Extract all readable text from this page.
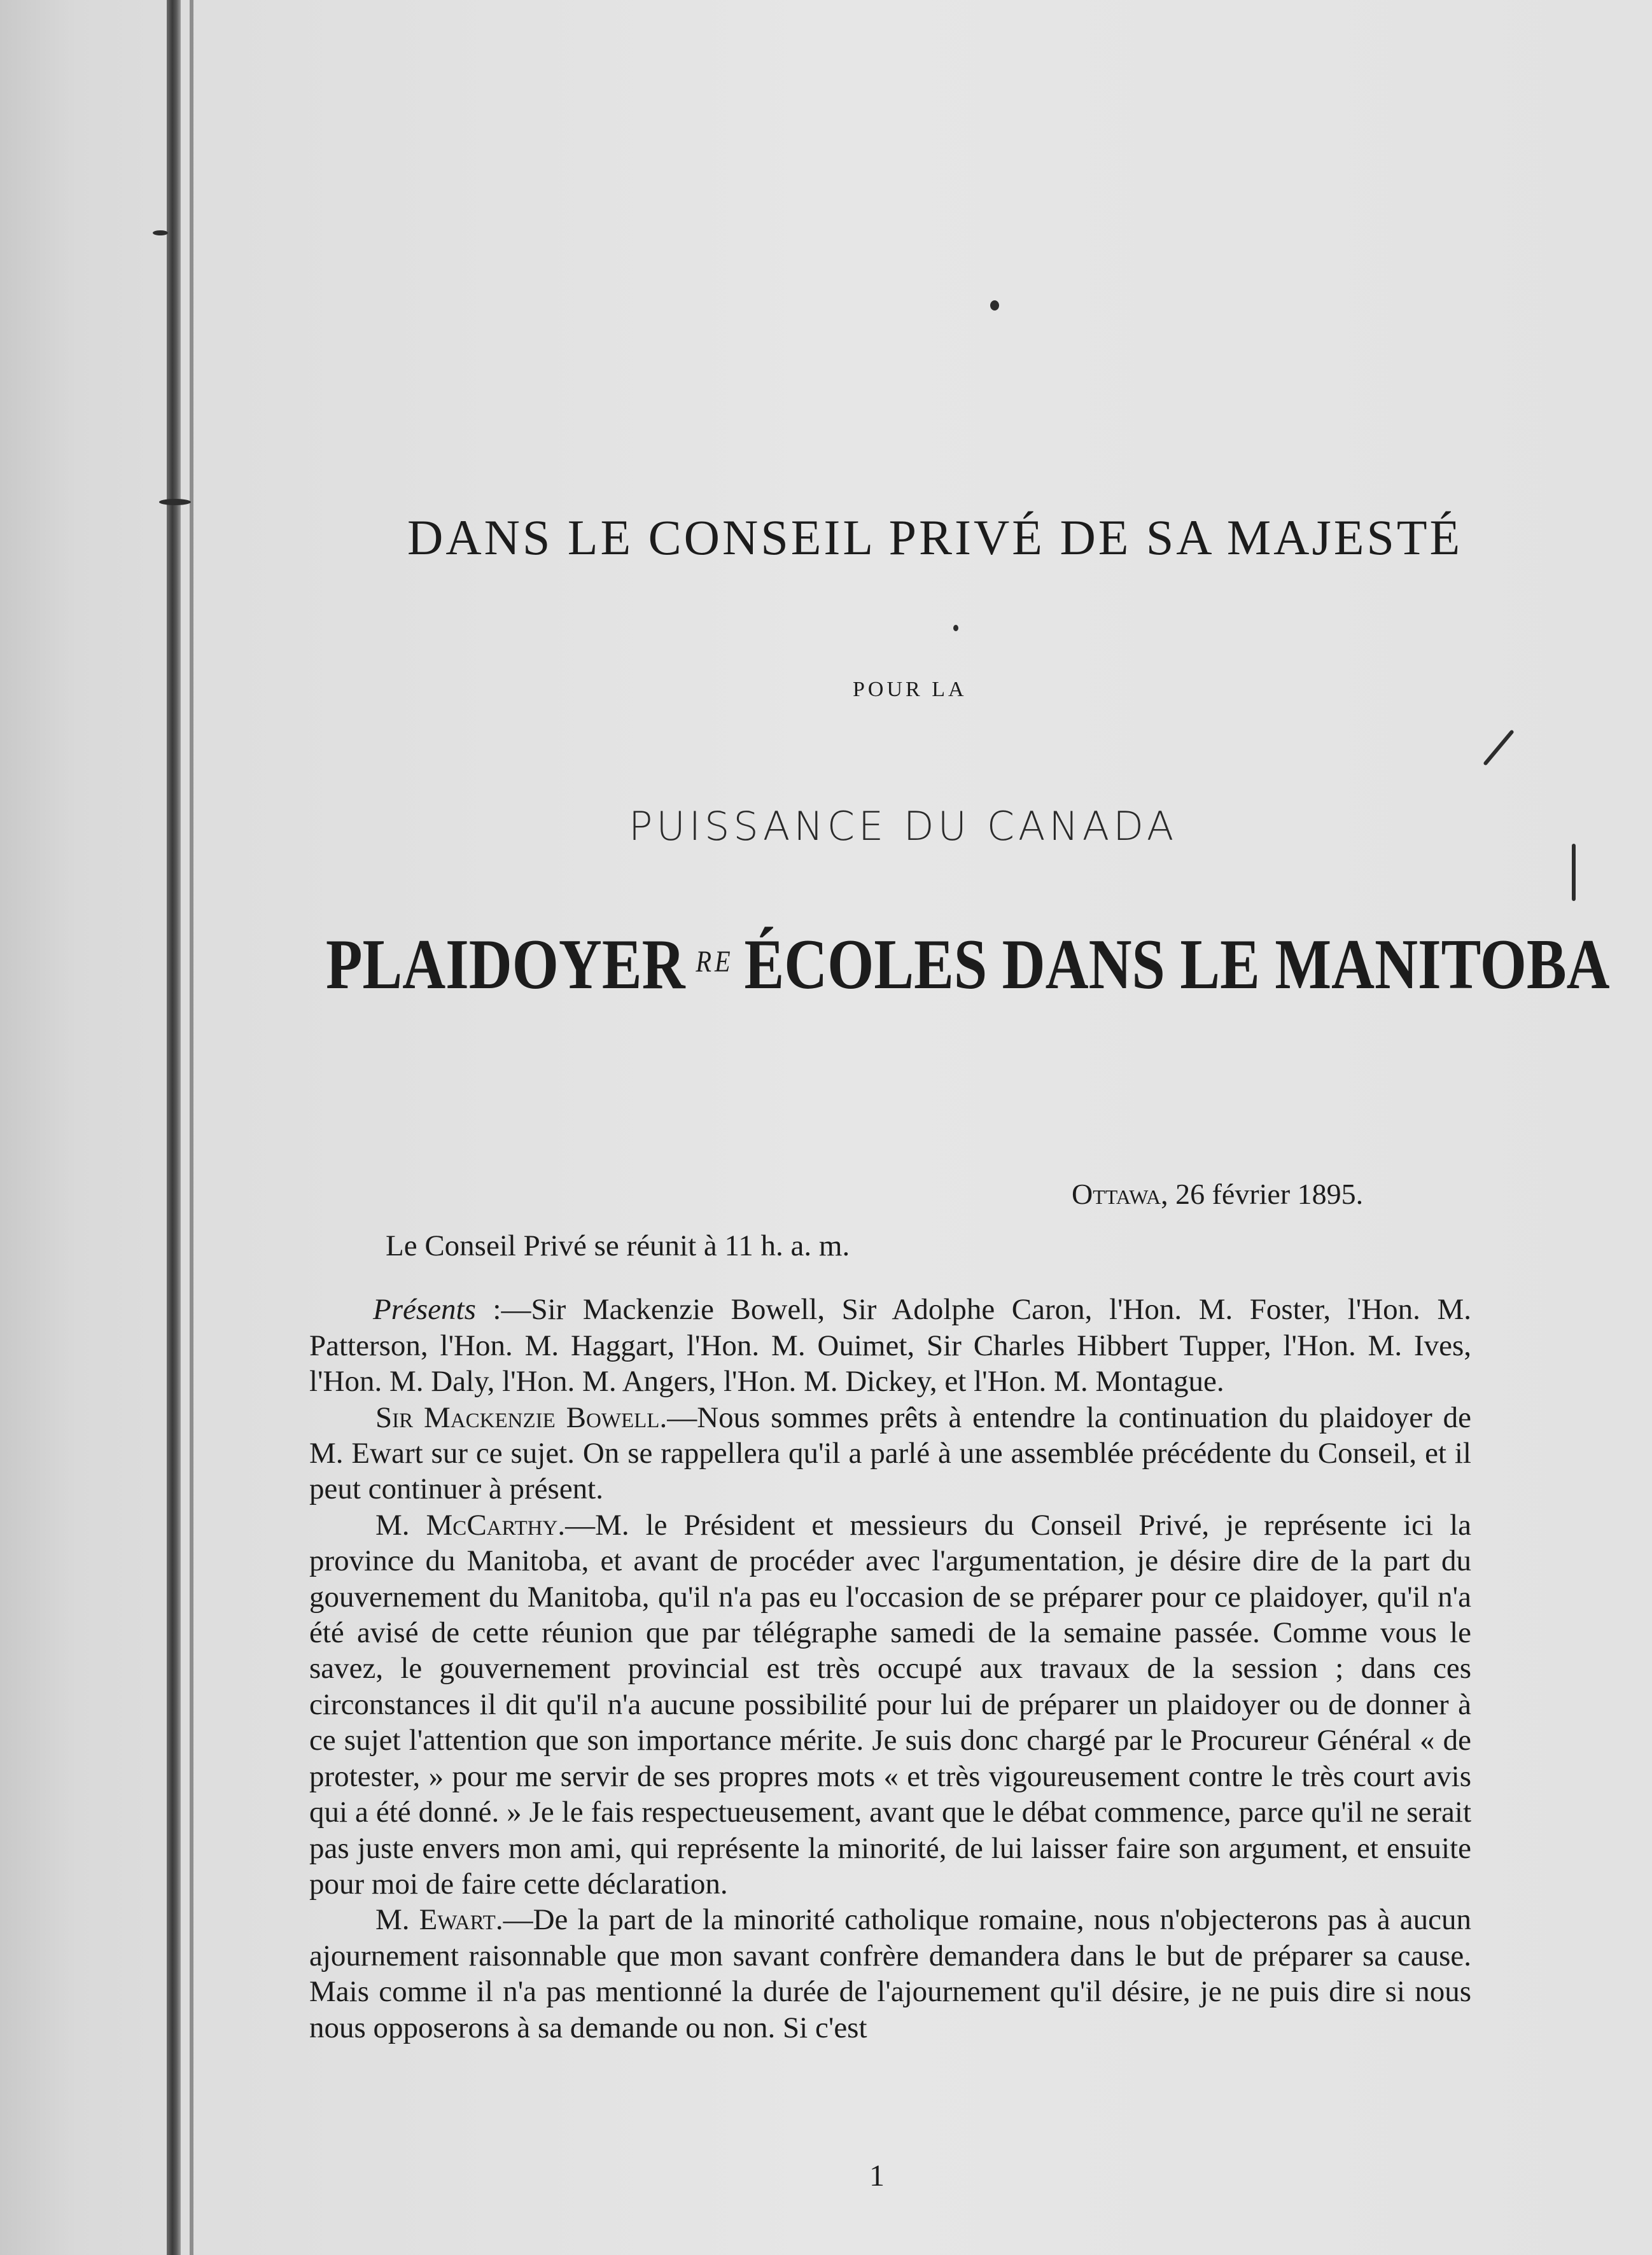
DANS LE CONSEIL PRIVÉ DE SA MAJESTÉ
POUR LA
PUISSANCE DU CANADA
PLAIDOYER $^{RE}$ ÉCOLES DANS LE MANITOBA
Ottawa, 26 février 1895.

Le Conseil Privé se réunit à 11 h. a. m.

Présents :—Sir Mackenzie Bowell, Sir Adolphe Caron, l'Hon. M. Foster, l'Hon. M. Patterson, l'Hon. M. Haggart, l'Hon. M. Ouimet, Sir Charles Hibbert Tupper, l'Hon. M. Ives, l'Hon. M. Daly, l'Hon. M. Angers, l'Hon. M. Dickey, et l'Hon. M. Montague.

Sir Mackenzie Bowell.—Nous sommes prêts à entendre la continuation du plaidoyer de M. Ewart sur ce sujet. On se rappellera qu'il a parlé à une assemblée précédente du Conseil, et il peut continuer à présent.

M. McCarthy.—M. le Président et messieurs du Conseil Privé, je représente ici la province du Manitoba, et avant de procéder avec l'argumentation, je désire dire de la part du gouvernement du Manitoba, qu'il n'a pas eu l'occasion de se préparer pour ce plaidoyer, qu'il n'a été avisé de cette réunion que par télégraphe samedi de la semaine passée. Comme vous le savez, le gouvernement provincial est très occupé aux travaux de la session ; dans ces circonstances il dit qu'il n'a aucune possibilité pour lui de préparer un plaidoyer ou de donner à ce sujet l'attention que son importance mérite. Je suis donc chargé par le Procureur Général « de protester, » pour me servir de ses propres mots « et très vigoureusement contre le très court avis qui a été donné. » Je le fais respectueusement, avant que le débat commence, parce qu'il ne serait pas juste envers mon ami, qui représente la minorité, de lui laisser faire son argument, et ensuite pour moi de faire cette déclaration.

M. Ewart.—De la part de la minorité catholique romaine, nous n'objecterons pas à aucun ajournement raisonnable que mon savant confrère demandera dans le but de préparer sa cause. Mais comme il n'a pas mentionné la durée de l'ajournement qu'il désire, je ne puis dire si nous nous opposerons à sa demande ou non. Si c'est

1
